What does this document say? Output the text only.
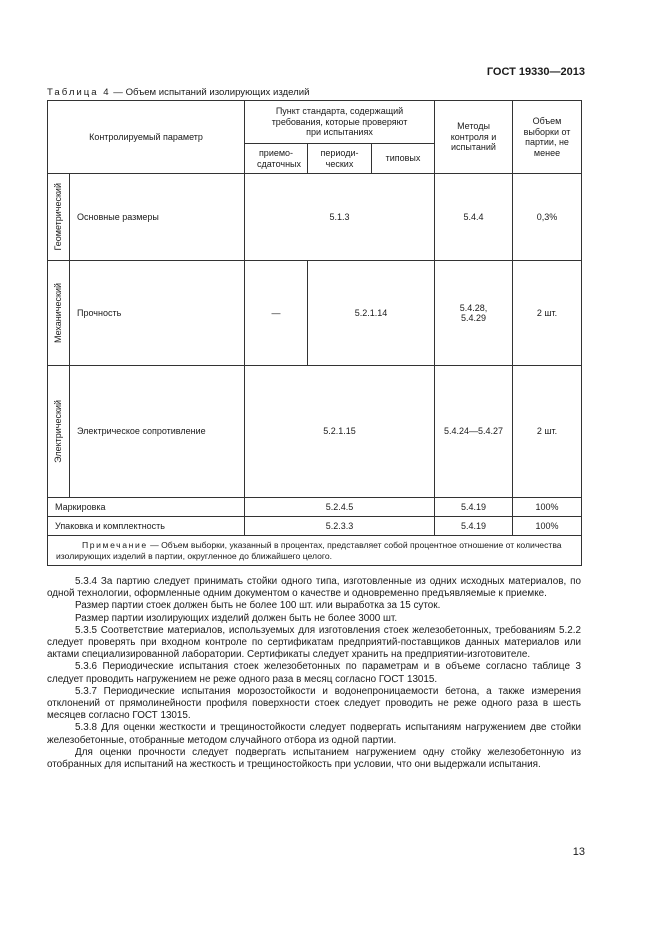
ГОСТ 19330—2013
Таблица 4 — Объем испытаний изолирующих изделий
Контролируемый параметр		Пункт стандарта, содержащий требования, которые проверяют при испытаниях			Методы контроля и испытаний	Объем выборки от партии, не менее

		приемо-сдаточных	периоди-ческих	типовых		

Геометрический	Основные размеры	5.1.3			5.4.4	0,3%

Механический	Прочность	—	5.2.1.14		5.4.28, 5.4.29	2 шт.

Электрический	Электрическое сопротивление	5.2.1.15			5.4.24—5.4.27	2 шт.
Маркировка		5.2.4.5			5.4.19	100%
Упаковка и комплектность		5.2.3.3			5.4.19	100%
Примечание — Объем выборки, указанный в процентах, представляет собой процентное отношение от количества изолирующих изделий в партии, округленное до ближайшего целого.						

5.3.4 За партию следует принимать стойки одного типа, изготовленные из одних исходных материалов, по одной технологии, оформленные одним документом о качестве и одновременно предъявляемые к приемке.

Размер партии стоек должен быть не более 100 шт. или выработка за 15 суток.

Размер партии изолирующих изделий должен быть не более 3000 шт.

5.3.5 Соответствие материалов, используемых для изготовления стоек железобетонных, требованиям 5.2.2 следует проверять при входном контроле по сертификатам предприятий-поставщиков данных материалов или актами специализированной лаборатории. Сертификаты следует хранить на предприятии-изготовителе.

5.3.6 Периодические испытания стоек железобетонных по параметрам и в объеме согласно таблице 3 следует проводить нагружением не реже одного раза в месяц согласно ГОСТ 13015.

5.3.7 Периодические испытания морозостойкости и водонепроницаемости бетона, а также измерения отклонений от прямолинейности профиля поверхности стоек следует проводить не реже одного раза в шесть месяцев согласно ГОСТ 13015.

5.3.8 Для оценки жесткости и трещиностойкости следует подвергать испытаниям нагружением две стойки железобетонные, отобранные методом случайного отбора из одной партии.

Для оценки прочности следует подвергать испытанием нагружением одну стойку железобетонную из отобранных для испытаний на жесткость и трещиностойкость при условии, что они выдержали испытания.

13
